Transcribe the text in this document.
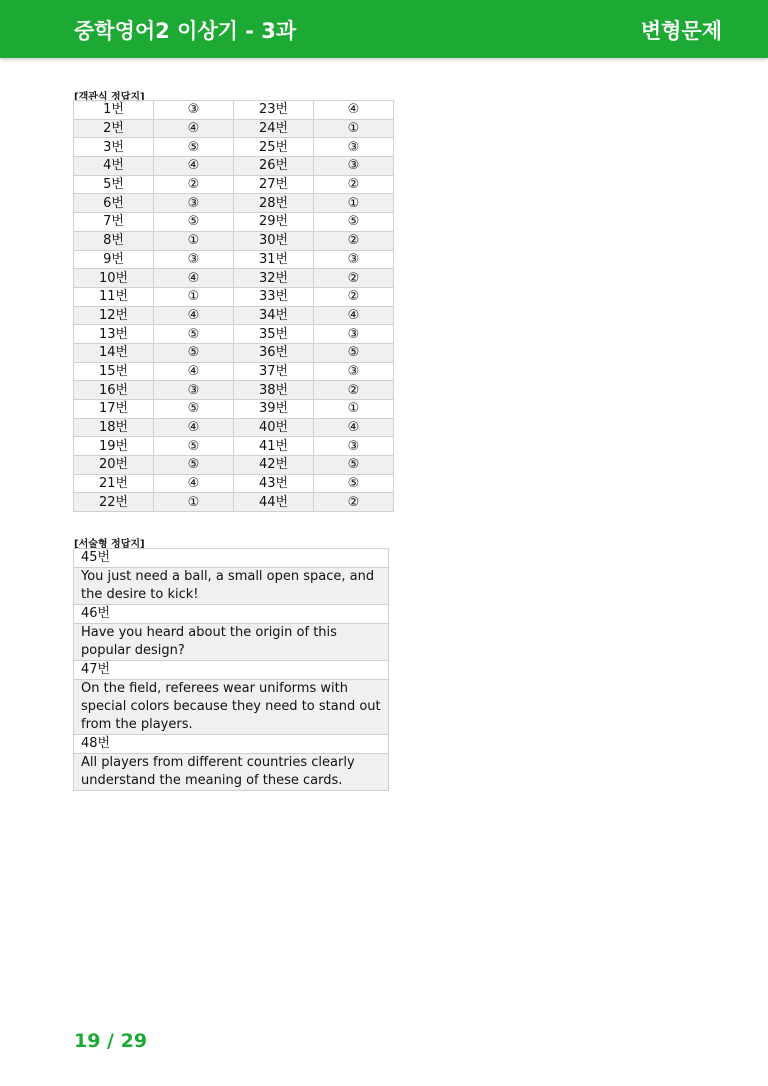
중학영어2 이상기 - 3과	변형문제
[객관식 정답지]
1번	③	23번	④
2번	④	24번	①
3번	⑤	25번	③
4번	④	26번	③
5번	②	27번	②
6번	③	28번	①
7번	⑤	29번	⑤
8번	①	30번	②
9번	③	31번	③
10번	④	32번	②
11번	①	33번	②
12번	④	34번	④
13번	⑤	35번	③
14번	⑤	36번	⑤
15번	④	37번	③
16번	③	38번	②
17번	⑤	39번	①
18번	④	40번	④
19번	⑤	41번	③
20번	⑤	42번	⑤
21번	④	43번	⑤
22번	①	44번	②
[서술형 정답지]
45번
You just need a ball, a small open space, and the desire to kick!
46번
Have you heard about the origin of this popular design?
47번
On the field, referees wear uniforms with special colors because they need to stand out from the players.
48번
All players from different countries clearly understand the meaning of these cards.
19 / 29
